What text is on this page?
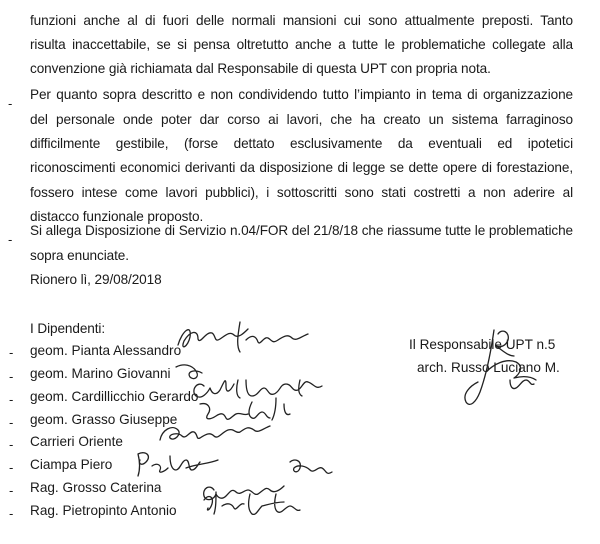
funzioni anche al di fuori delle normali mansioni cui sono attualmente preposti. Tanto
risulta inaccettabile, se si pensa oltretutto anche a tutte le problematiche collegate alla
convenzione già richiamata dal Responsabile di questa UPT con propria nota.
-
Per quanto sopra descritto e non condividendo tutto l’impianto in tema di organizzazione
del personale onde poter dar corso ai lavori, che ha creato un sistema farraginoso
difficilmente gestibile, (forse dettato esclusivamente da eventuali ed ipotetici
riconoscimenti economici derivanti da disposizione di legge se dette opere di forestazione,
fossero intese come lavori pubblici), i sottoscritti sono stati costretti a non aderire al
distacco funzionale proposto.
-
Si allega Disposizione di Servizio n.04/FOR del 21/8/18 che riassume tutte le problematiche
sopra enunciate.
Rionero lì, 29/08/2018
I Dipendenti:
- geom. Pianta Alessandro
- geom. Marino Giovanni
- geom. Cardillicchio Gerardo
- geom. Grasso Giuseppe
- Carrieri Oriente
- Ciampa Piero
- Rag. Grosso Caterina
- Rag. Pietropinto Antonio
Il Responsabile UPT n.5
arch. Russo Luciano M.
